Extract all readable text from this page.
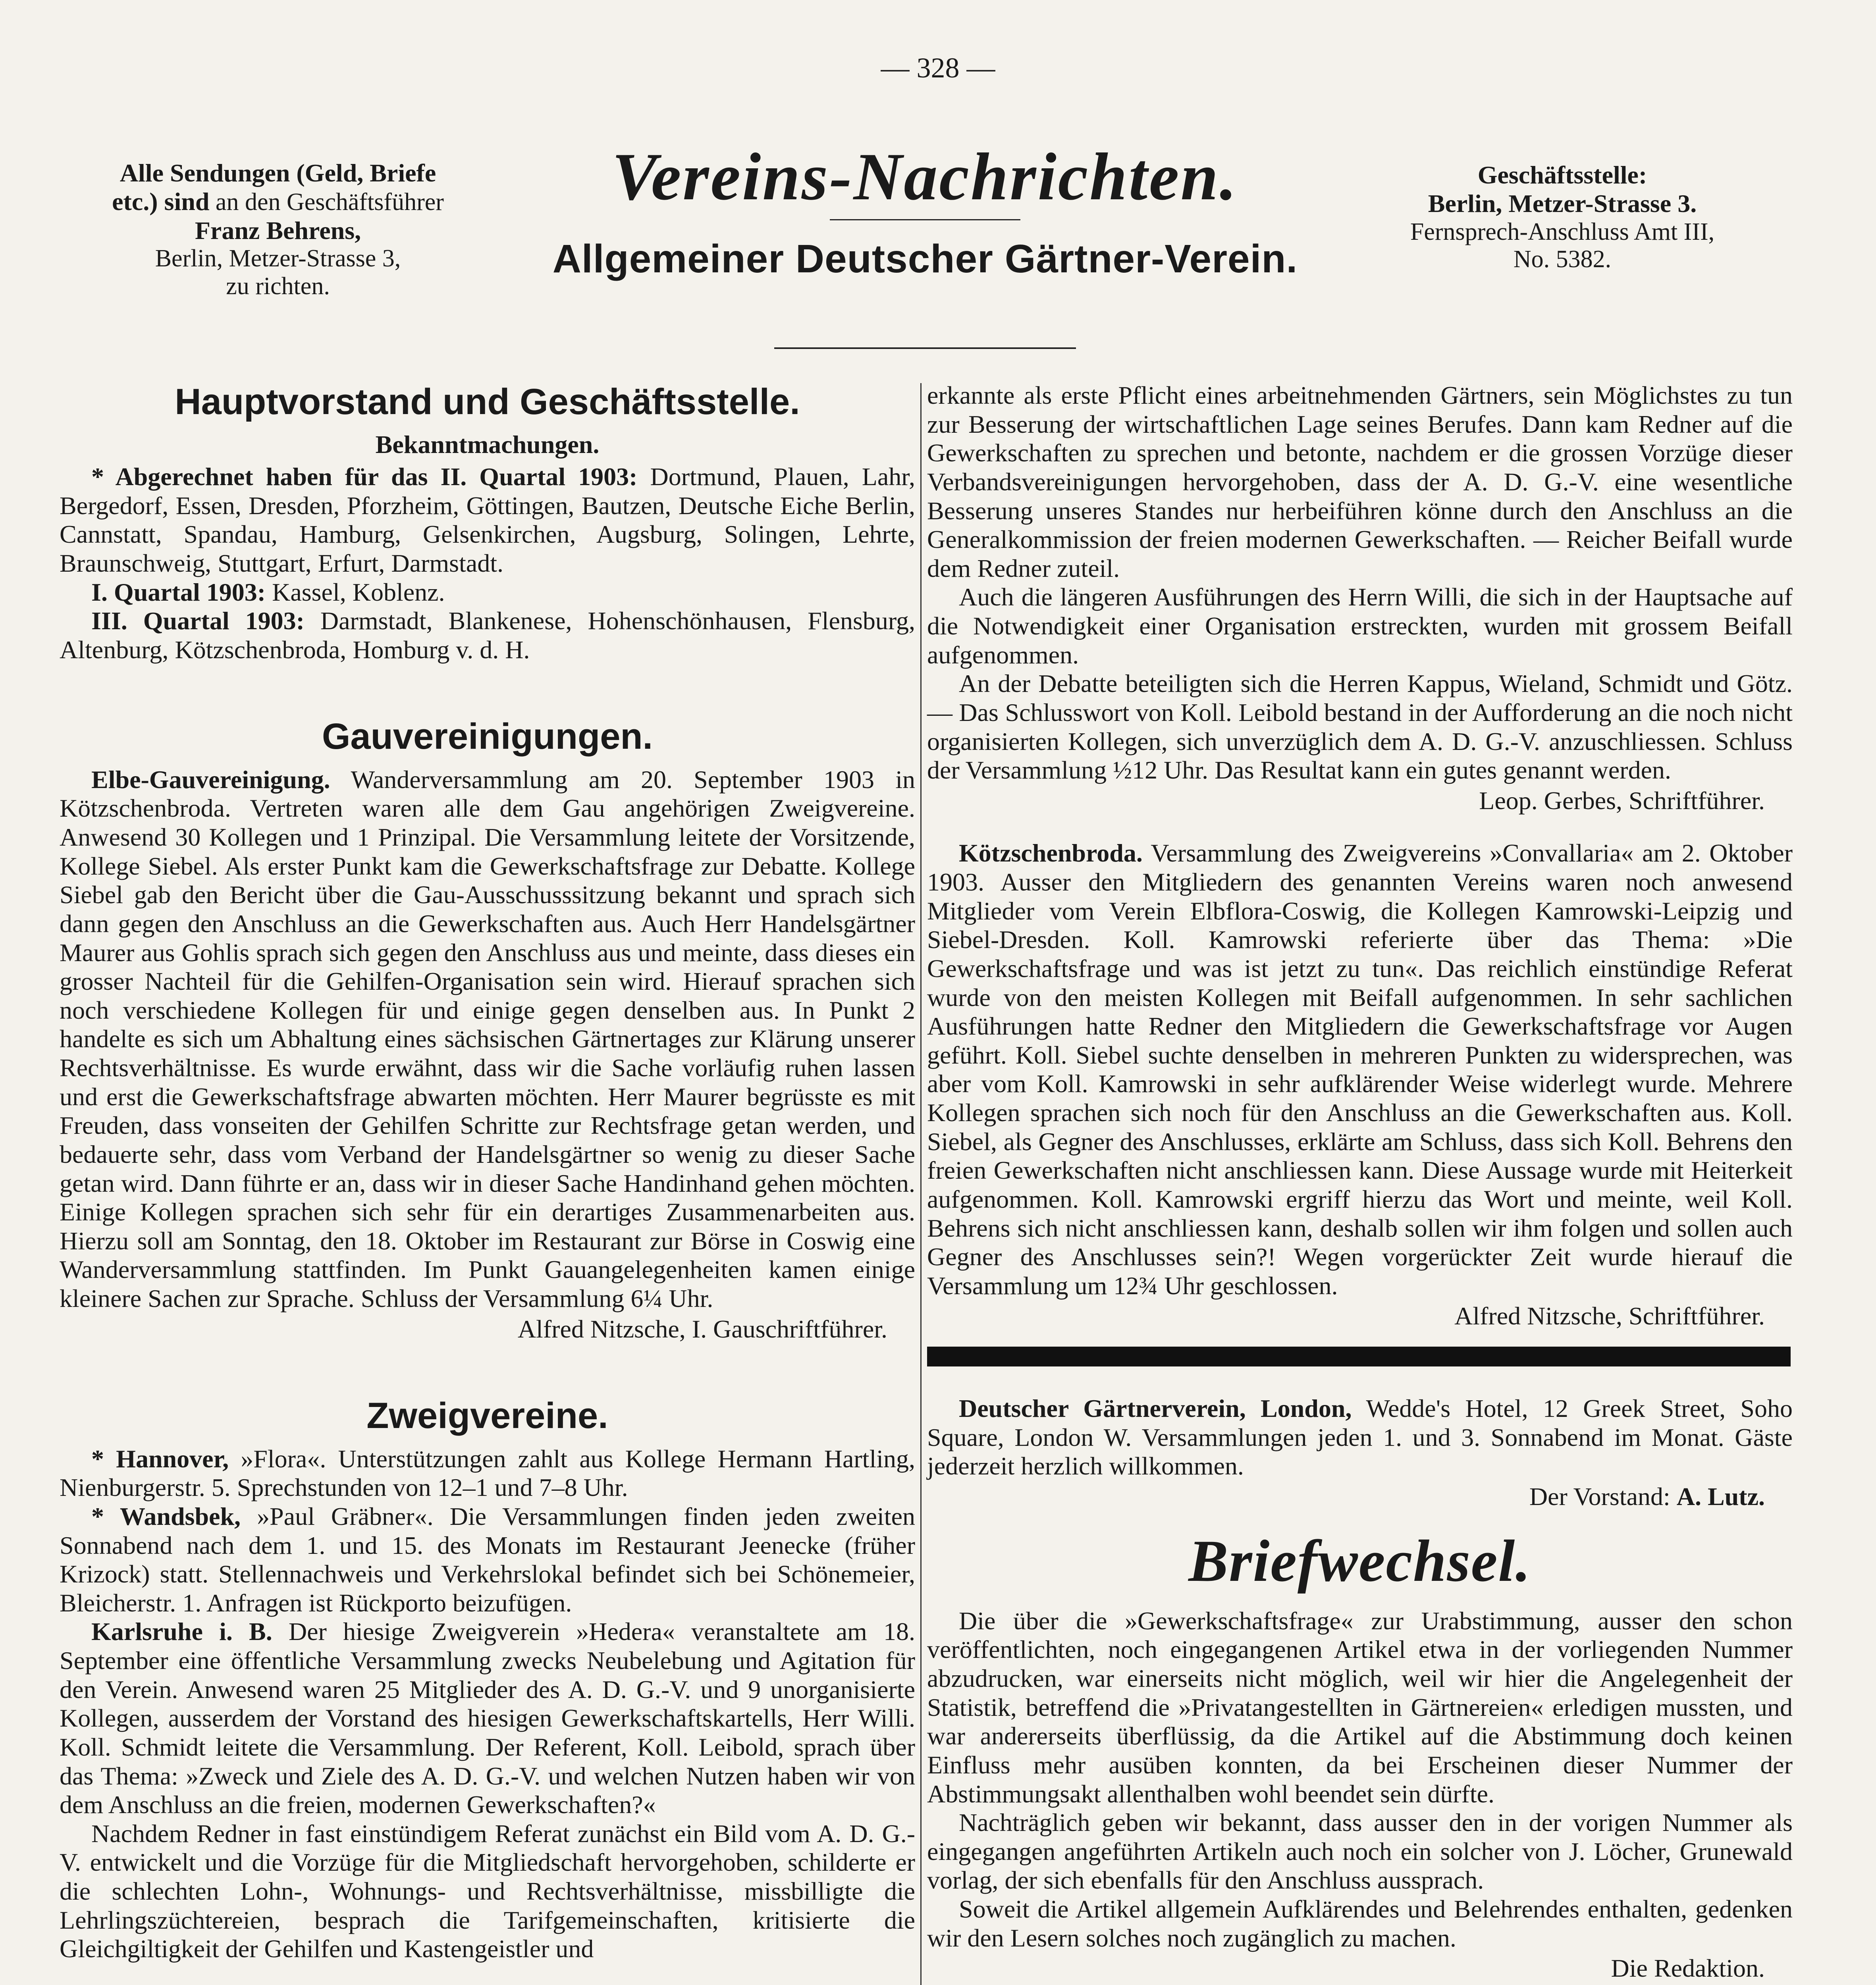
— 328 —
Alle Sendungen (Geld, Briefe
etc.) sind an den Geschäftsführer
Franz Behrens,
Berlin, Metzer-Strasse 3,
zu richten.
Vereins-Nachrichten.
Allgemeiner Deutscher Gärtner-Verein.
Geschäftsstelle:
Berlin, Metzer-Strasse 3.
Fernsprech-Anschluss Amt III,
No. 5382.
Hauptvorstand und Geschäftsstelle.
Bekanntmachungen.

* Abgerechnet haben für das II. Quartal 1903: Dortmund, Plauen, Lahr, Bergedorf, Essen, Dresden, Pforzheim, Göttingen, Bautzen, Deutsche Eiche Berlin, Cannstatt, Spandau, Hamburg, Gelsenkirchen, Augsburg, Solingen, Lehrte, Braunschweig, Stuttgart, Erfurt, Darmstadt.

I. Quartal 1903: Kassel, Koblenz.

III. Quartal 1903: Darmstadt, Blankenese, Hohenschönhausen, Flensburg, Altenburg, Kötzschenbroda, Homburg v. d. H.

Gauvereinigungen.

Elbe-Gauvereinigung. Wanderversammlung am 20. September 1903 in Kötzschenbroda. Vertreten waren alle dem Gau angehörigen Zweigvereine. Anwesend 30 Kollegen und 1 Prinzipal. Die Versammlung leitete der Vorsitzende, Kollege Siebel. Als erster Punkt kam die Gewerkschaftsfrage zur Debatte. Kollege Siebel gab den Bericht über die Gau-Ausschusssitzung bekannt und sprach sich dann gegen den Anschluss an die Gewerkschaften aus. Auch Herr Handelsgärtner Maurer aus Gohlis sprach sich gegen den Anschluss aus und meinte, dass dieses ein grosser Nachteil für die Gehilfen-Organisation sein wird. Hierauf sprachen sich noch verschiedene Kollegen für und einige gegen denselben aus. In Punkt 2 handelte es sich um Abhaltung eines sächsischen Gärtnertages zur Klärung unserer Rechtsverhältnisse. Es wurde erwähnt, dass wir die Sache vorläufig ruhen lassen und erst die Gewerkschaftsfrage abwarten möchten. Herr Maurer begrüsste es mit Freuden, dass vonseiten der Gehilfen Schritte zur Rechtsfrage getan werden, und bedauerte sehr, dass vom Verband der Handelsgärtner so wenig zu dieser Sache getan wird. Dann führte er an, dass wir in dieser Sache Handinhand gehen möchten. Einige Kollegen sprachen sich sehr für ein derartiges Zusammenarbeiten aus. Hierzu soll am Sonntag, den 18. Oktober im Restaurant zur Börse in Coswig eine Wanderversammlung stattfinden. Im Punkt Gauangelegenheiten kamen einige kleinere Sachen zur Sprache. Schluss der Versammlung 6¼ Uhr.

Alfred Nitzsche, I. Gauschriftführer.
Zweigvereine.

* Hannover, »Flora«. Unterstützungen zahlt aus Kollege Hermann Hartling, Nienburgerstr. 5. Sprechstunden von 12–1 und 7–8 Uhr.

* Wandsbek, »Paul Gräbner«. Die Versammlungen finden jeden zweiten Sonnabend nach dem 1. und 15. des Monats im Restaurant Jeenecke (früher Krizock) statt. Stellennachweis und Verkehrslokal befindet sich bei Schönemeier, Bleicherstr. 1. Anfragen ist Rückporto beizufügen.

Karlsruhe i. B. Der hiesige Zweigverein »Hedera« veranstaltete am 18. September eine öffentliche Versammlung zwecks Neubelebung und Agitation für den Verein. Anwesend waren 25 Mitglieder des A. D. G.-V. und 9 unorganisierte Kollegen, ausserdem der Vorstand des hiesigen Gewerkschaftskartells, Herr Willi. Koll. Schmidt leitete die Versammlung. Der Referent, Koll. Leibold, sprach über das Thema: »Zweck und Ziele des A. D. G.-V. und welchen Nutzen haben wir von dem Anschluss an die freien, modernen Gewerkschaften?«

Nachdem Redner in fast einstündigem Referat zunächst ein Bild vom A. D. G.-V. entwickelt und die Vorzüge für die Mitgliedschaft hervorgehoben, schilderte er die schlechten Lohn-, Wohnungs- und Rechtsverhältnisse, missbilligte die Lehrlingszüchtereien, besprach die Tarifgemeinschaften, kritisierte die Gleichgiltigkeit der Gehilfen und Kastengeistler und

erkannte als erste Pflicht eines arbeitnehmenden Gärtners, sein Möglichstes zu tun zur Besserung der wirtschaftlichen Lage seines Berufes. Dann kam Redner auf die Gewerkschaften zu sprechen und betonte, nachdem er die grossen Vorzüge dieser Verbandsvereinigungen hervorgehoben, dass der A. D. G.-V. eine wesentliche Besserung unseres Standes nur herbeiführen könne durch den Anschluss an die Generalkommission der freien modernen Gewerkschaften. — Reicher Beifall wurde dem Redner zuteil.

Auch die längeren Ausführungen des Herrn Willi, die sich in der Hauptsache auf die Notwendigkeit einer Organisation erstreckten, wurden mit grossem Beifall aufgenommen.

An der Debatte beteiligten sich die Herren Kappus, Wieland, Schmidt und Götz. — Das Schlusswort von Koll. Leibold bestand in der Aufforderung an die noch nicht organisierten Kollegen, sich unverzüglich dem A. D. G.-V. anzuschliessen. Schluss der Versammlung ½12 Uhr. Das Resultat kann ein gutes genannt werden.

Leop. Gerbes, Schriftführer.

Kötzschenbroda. Versammlung des Zweigvereins »Convallaria« am 2. Oktober 1903. Ausser den Mitgliedern des genannten Vereins waren noch anwesend Mitglieder vom Verein Elbflora-Coswig, die Kollegen Kamrowski-Leipzig und Siebel-Dresden. Koll. Kamrowski referierte über das Thema: »Die Gewerkschaftsfrage und was ist jetzt zu tun«. Das reichlich einstündige Referat wurde von den meisten Kollegen mit Beifall aufgenommen. In sehr sachlichen Ausführungen hatte Redner den Mitgliedern die Gewerkschaftsfrage vor Augen geführt. Koll. Siebel suchte denselben in mehreren Punkten zu widersprechen, was aber vom Koll. Kamrowski in sehr aufklärender Weise widerlegt wurde. Mehrere Kollegen sprachen sich noch für den Anschluss an die Gewerkschaften aus. Koll. Siebel, als Gegner des Anschlusses, erklärte am Schluss, dass sich Koll. Behrens den freien Gewerkschaften nicht anschliessen kann. Diese Aussage wurde mit Heiterkeit aufgenommen. Koll. Kamrowski ergriff hierzu das Wort und meinte, weil Koll. Behrens sich nicht anschliessen kann, deshalb sollen wir ihm folgen und sollen auch Gegner des Anschlusses sein?! Wegen vorgerückter Zeit wurde hierauf die Versammlung um 12¾ Uhr geschlossen.

Alfred Nitzsche, Schriftführer.

Deutscher Gärtnerverein, London, Wedde's Hotel, 12 Greek Street, Soho Square, London W. Versammlungen jeden 1. und 3. Sonnabend im Monat. Gäste jederzeit herzlich willkommen.

Der Vorstand: A. Lutz.
Briefwechsel.

Die über die »Gewerkschaftsfrage« zur Urabstimmung, ausser den schon veröffentlichten, noch eingegangenen Artikel etwa in der vorliegenden Nummer abzudrucken, war einerseits nicht möglich, weil wir hier die Angelegenheit der Statistik, betreffend die »Privatangestellten in Gärtnereien« erledigen mussten, und war andererseits überflüssig, da die Artikel auf die Abstimmung doch keinen Einfluss mehr ausüben konnten, da bei Erscheinen dieser Nummer der Abstimmungsakt allenthalben wohl beendet sein dürfte.

Nachträglich geben wir bekannt, dass ausser den in der vorigen Nummer als eingegangen angeführten Artikeln auch noch ein solcher von J. Löcher, Grunewald vorlag, der sich ebenfalls für den Anschluss aussprach.

Soweit die Artikel allgemein Aufklärendes und Belehrendes enthalten, gedenken wir den Lesern solches noch zugänglich zu machen.

Die Redaktion.
